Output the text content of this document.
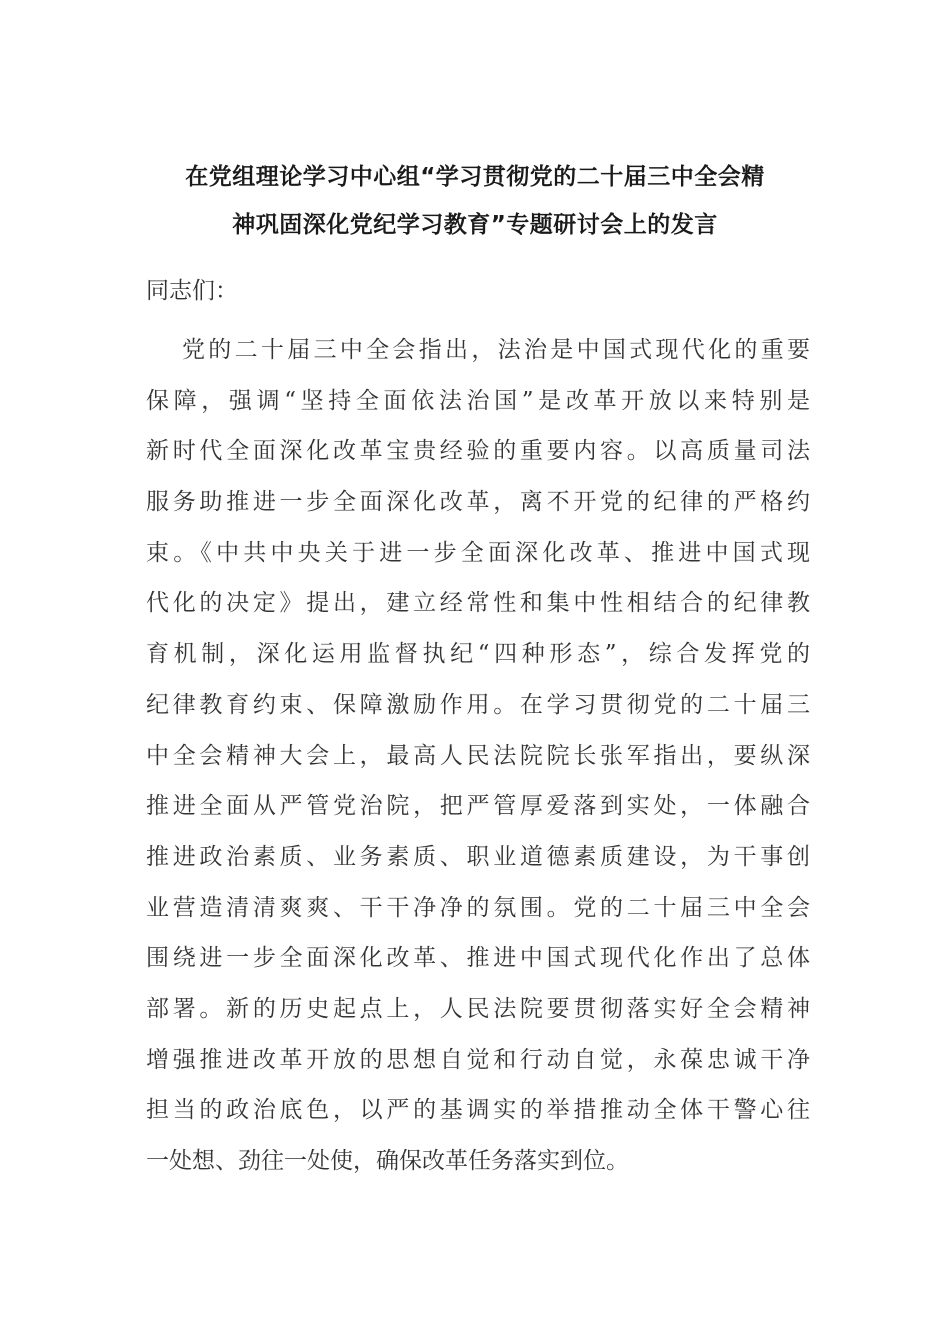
在党组理论学习中心组“学习贯彻党的二十届三中全会精
神巩固深化党纪学习教育”专题研讨会上的发言
同志们：
党的二十届三中全会指出，法治是中国式现代化的重要
保障，强调“坚持全面依法治国”是改革开放以来特别是
新时代全面深化改革宝贵经验的重要内容。以高质量司法
服务助推进一步全面深化改革，离不开党的纪律的严格约
束。《中共中央关于进一步全面深化改革、推进中国式现
代化的决定》提出，建立经常性和集中性相结合的纪律教
育机制，深化运用监督执纪“四种形态”，综合发挥党的
纪律教育约束、保障激励作用。在学习贯彻党的二十届三
中全会精神大会上，最高人民法院院长张军指出，要纵深
推进全面从严管党治院，把严管厚爱落到实处，一体融合
推进政治素质、业务素质、职业道德素质建设，为干事创
业营造清清爽爽、干干净净的氛围。党的二十届三中全会
围绕进一步全面深化改革、推进中国式现代化作出了总体
部署。新的历史起点上，人民法院要贯彻落实好全会精神
增强推进改革开放的思想自觉和行动自觉，永葆忠诚干净
担当的政治底色，以严的基调实的举措推动全体干警心往
一处想、劲往一处使，确保改革任务落实到位。
